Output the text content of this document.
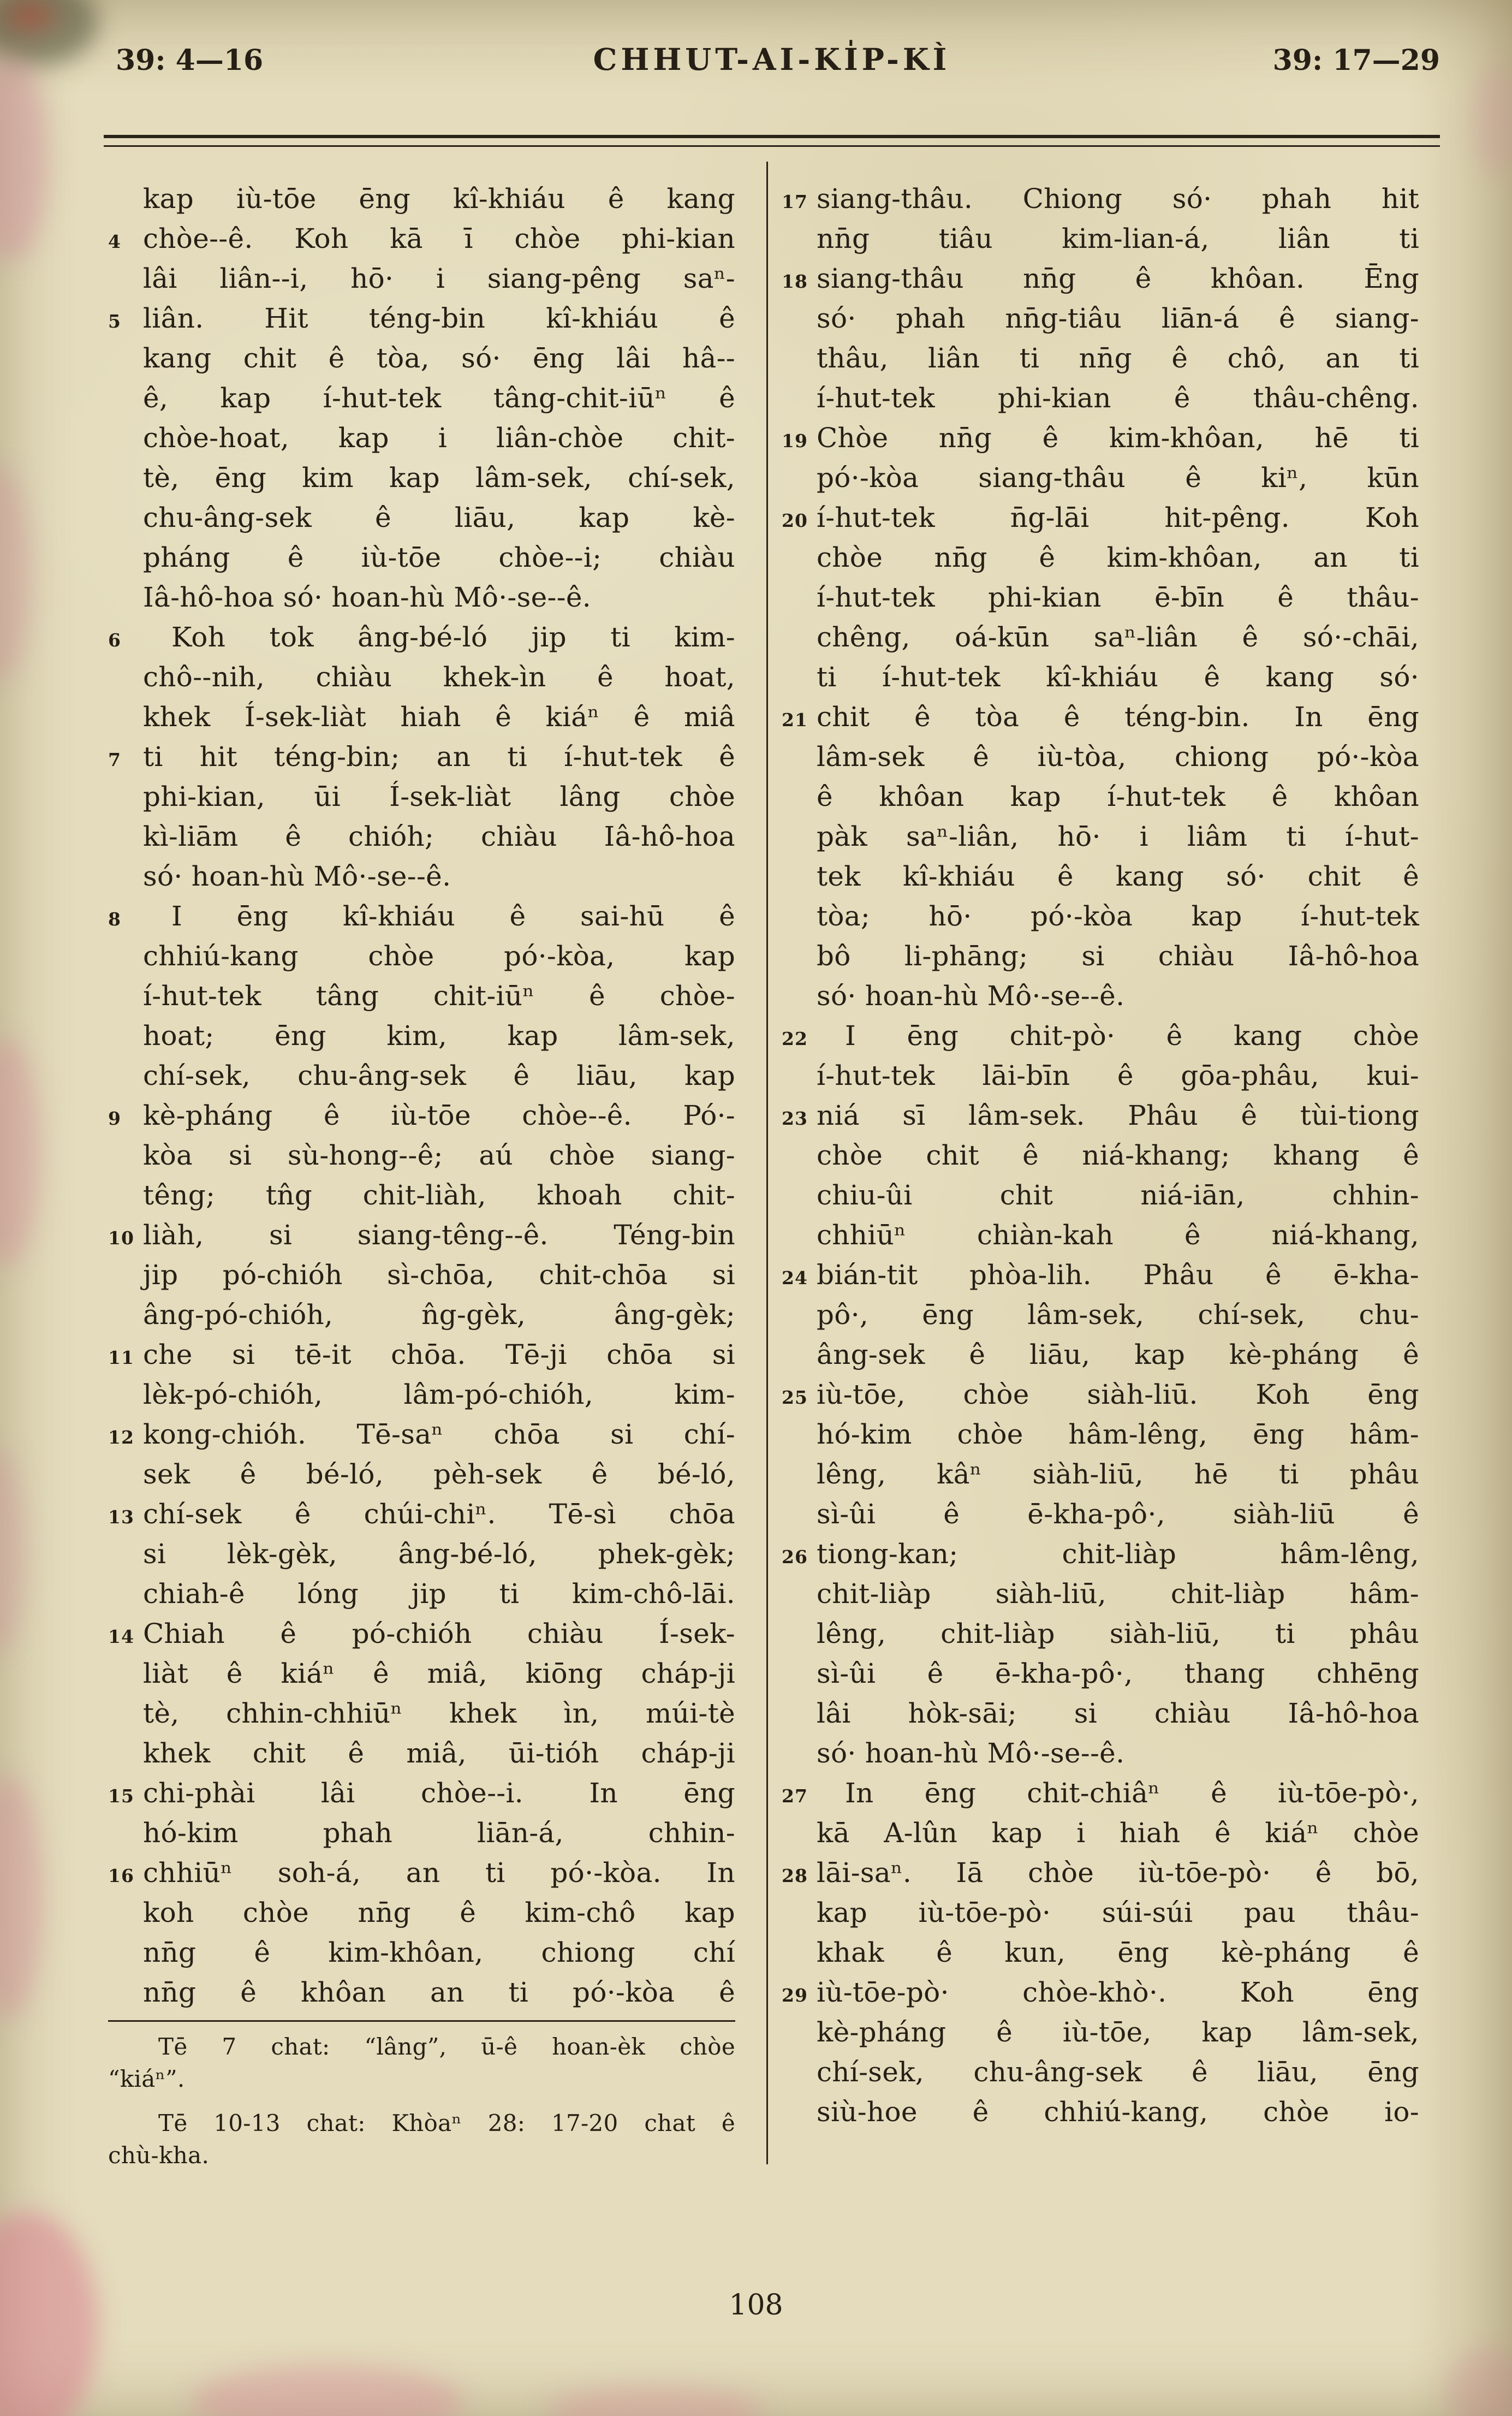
39: 4—16	CHHUT-AI-KI̍P-KÌ	39: 17—29
kap iù-tōe ēng kî-khiáu ê kang
4 chòe--ê. Koh kā ī chòe phi-kian
lâi liân--i, hō· i siang-pêng saⁿ-
5 liân. Hit téng-bin kî-khiáu ê
kang chit ê tòa, só· ēng lâi hâ--
ê, kap í-hut-tek tâng-chit-iūⁿ ê
chòe-hoat, kap i liân-chòe chit-
tè, ēng kim kap lâm-sek, chí-sek,
chu-âng-sek ê liāu, kap kè-
pháng ê iù-tōe chòe--i; chiàu
Iâ-hô-hoa só· hoan-hù Mô·-se--ê.
6 Koh tok âng-bé-ló jip ti kim-
chô--nih, chiàu khek-ìn ê hoat,
khek Í-sek-liàt hiah ê kiáⁿ ê miâ
7 ti hit téng-bin; an ti í-hut-tek ê
phi-kian, ūi Í-sek-liàt lâng chòe
kì-liām ê chióh; chiàu Iâ-hô-hoa
só· hoan-hù Mô·-se--ê.
8 I ēng kî-khiáu ê sai-hū ê
chhiú-kang chòe pó·-kòa, kap
í-hut-tek tâng chit-iūⁿ ê chòe-
hoat; ēng kim, kap lâm-sek,
chí-sek, chu-âng-sek ê liāu, kap
9 kè-pháng ê iù-tōe chòe--ê. Pó·-
kòa si sù-hong--ê; aú chòe siang-
têng; tn̂g chit-liàh, khoah chit-
10 liàh, si siang-têng--ê. Téng-bin
jip pó-chióh sì-chōa, chit-chōa si
âng-pó-chióh, n̂g-gèk, âng-gèk;
11 che si tē-it chōa. Tē-ji chōa si
lèk-pó-chióh, lâm-pó-chióh, kim-
12 kong-chióh. Tē-saⁿ chōa si chí-
sek ê bé-ló, pèh-sek ê bé-ló,
13 chí-sek ê chúi-chiⁿ. Tē-sì chōa
si lèk-gèk, âng-bé-ló, phek-gèk;
chiah-ê lóng jip ti kim-chô-lāi.
14 Chiah ê pó-chióh chiàu Í-sek-
liàt ê kiáⁿ ê miâ, kiōng cháp-ji
tè, chhin-chhiūⁿ khek ìn, múi-tè
khek chit ê miâ, ūi-tióh cháp-ji
15 chi-phài lâi chòe--i. In ēng
hó-kim phah liān-á, chhin-
16 chhiūⁿ soh-á, an ti pó·-kòa. In
koh chòe nn̄g ê kim-chô kap
nn̄g ê kim-khôan, chiong chí
nn̄g ê khôan an ti pó·-kòa ê
Tē 7 chat: “lâng”, ū-ê hoan-èk chòe
“kiáⁿ”.
Tē 10-13 chat: Khòaⁿ 28: 17-20 chat ê
chù-kha.
17 siang-thâu. Chiong só· phah hit
nn̄g tiâu kim-lian-á, liân ti
18 siang-thâu nn̄g ê khôan. Ēng
só· phah nn̄g-tiâu liān-á ê siang-
thâu, liân ti nn̄g ê chô, an ti
í-hut-tek phi-kian ê thâu-chêng.
19 Chòe nn̄g ê kim-khôan, hē ti
pó·-kòa siang-thâu ê kiⁿ, kūn
20 í-hut-tek n̄g-lāi hit-pêng. Koh
chòe nn̄g ê kim-khôan, an ti
í-hut-tek phi-kian ē-bīn ê thâu-
chêng, oá-kūn saⁿ-liân ê só·-chāi,
ti í-hut-tek kî-khiáu ê kang só·
21 chit ê tòa ê téng-bin. In ēng
lâm-sek ê iù-tòa, chiong pó·-kòa
ê khôan kap í-hut-tek ê khôan
pàk saⁿ-liân, hō· i liâm ti í-hut-
tek kî-khiáu ê kang só· chit ê
tòa; hō· pó·-kòa kap í-hut-tek
bô li-phāng; si chiàu Iâ-hô-hoa
só· hoan-hù Mô·-se--ê.
22 I ēng chit-pò· ê kang chòe
í-hut-tek lāi-bīn ê gōa-phâu, kui-
23 niá sī lâm-sek. Phâu ê tùi-tiong
chòe chit ê niá-khang; khang ê
chiu-ûi chit niá-iān, chhin-
chhiūⁿ chiàn-kah ê niá-khang,
24 bián-tit phòa-lih. Phâu ê ē-kha-
pô·, ēng lâm-sek, chí-sek, chu-
âng-sek ê liāu, kap kè-pháng ê
25 iù-tōe, chòe siàh-liū. Koh ēng
hó-kim chòe hâm-lêng, ēng hâm-
lêng, kâⁿ siàh-liū, hē ti phâu
sì-ûi ê ē-kha-pô·, siàh-liū ê
26 tiong-kan; chit-liàp hâm-lêng,
chit-liàp siàh-liū, chit-liàp hâm-
lêng, chit-liàp siàh-liū, ti phâu
sì-ûi ê ē-kha-pô·, thang chhēng
lâi hòk-sāi; si chiàu Iâ-hô-hoa
só· hoan-hù Mô·-se--ê.
27 In ēng chit-chiâⁿ ê iù-tōe-pò·,
kā A-lûn kap i hiah ê kiáⁿ chòe
28 lāi-saⁿ. Iā chòe iù-tōe-pò· ê bō,
kap iù-tōe-pò· súi-súi pau thâu-
khak ê kun, ēng kè-pháng ê
29 iù-tōe-pò· chòe-khò·. Koh ēng
kè-pháng ê iù-tōe, kap lâm-sek,
chí-sek, chu-âng-sek ê liāu, ēng
siù-hoe ê chhiú-kang, chòe io-
108
